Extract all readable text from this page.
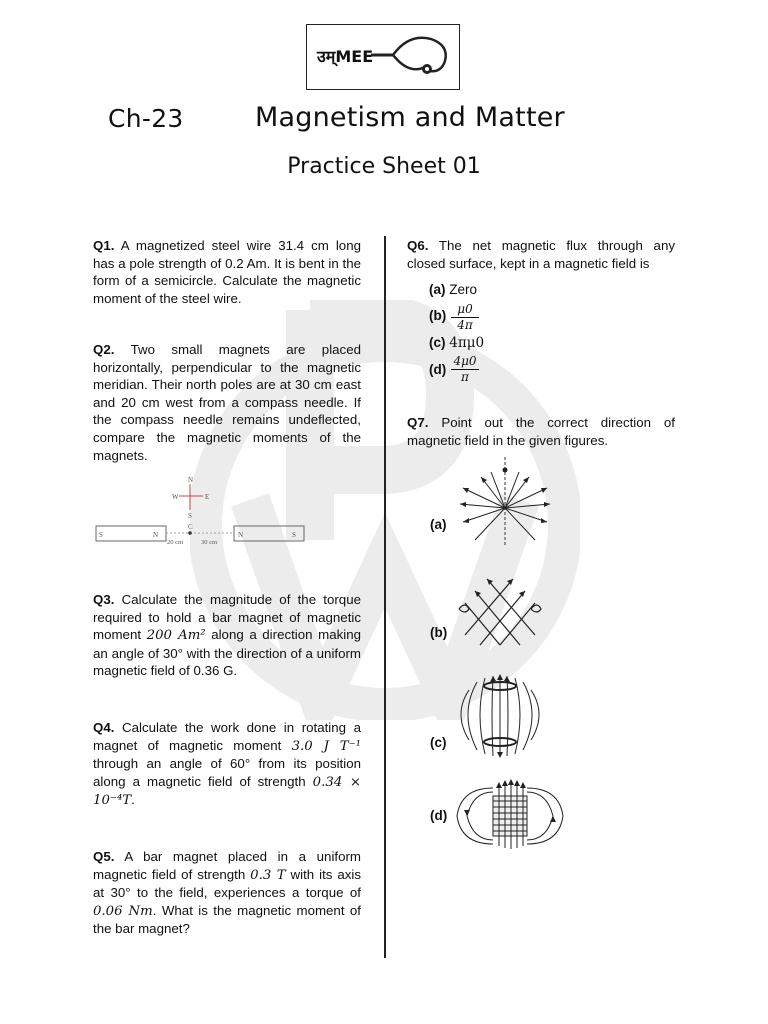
उम्MEE
Ch-23	Magnetism and Matter
Practice Sheet 01
Q1. A magnetized steel wire 31.4 cm long has a pole strength of 0.2 Am. It is bent in the form of a semicircle. Calculate the magnetic moment of the steel wire.
Q2. Two small magnets are placed horizontally, perpendicular to the magnetic meridian. Their north poles are at 30 cm east and 20 cm west from a compass needle. If the compass needle remains undeflected, compare the magnetic moments of the magnets.
N
S
W	E
C
S	N	N	S
20 cm	30 cm
Q3. Calculate the magnitude of the torque required to hold a bar magnet of magnetic moment 200 Am² along a direction making an angle of 30° with the direction of a uniform magnetic field of 0.36 G.
Q4. Calculate the work done in rotating a magnet of magnetic moment 3.0 J T⁻¹ through an angle of 60° from its position along a magnetic field of strength 0.34 × 10⁻⁴T.
Q5. A bar magnet placed in a uniform magnetic field of strength 0.3 T with its axis at 30° to the field, experiences a torque of 0.06 Nm. What is the magnetic moment of the bar magnet?
Q6. The net magnetic flux through any closed surface, kept in a magnetic field is
(a) Zero
$(b) \frac{\mu 0}{4\pi}$
(c) 4πμ0
$(d) \frac{4\mu 0}{\pi}$
Q7. Point out the correct direction of magnetic field in the given figures.
(a)
(b)
(c)
(d)
